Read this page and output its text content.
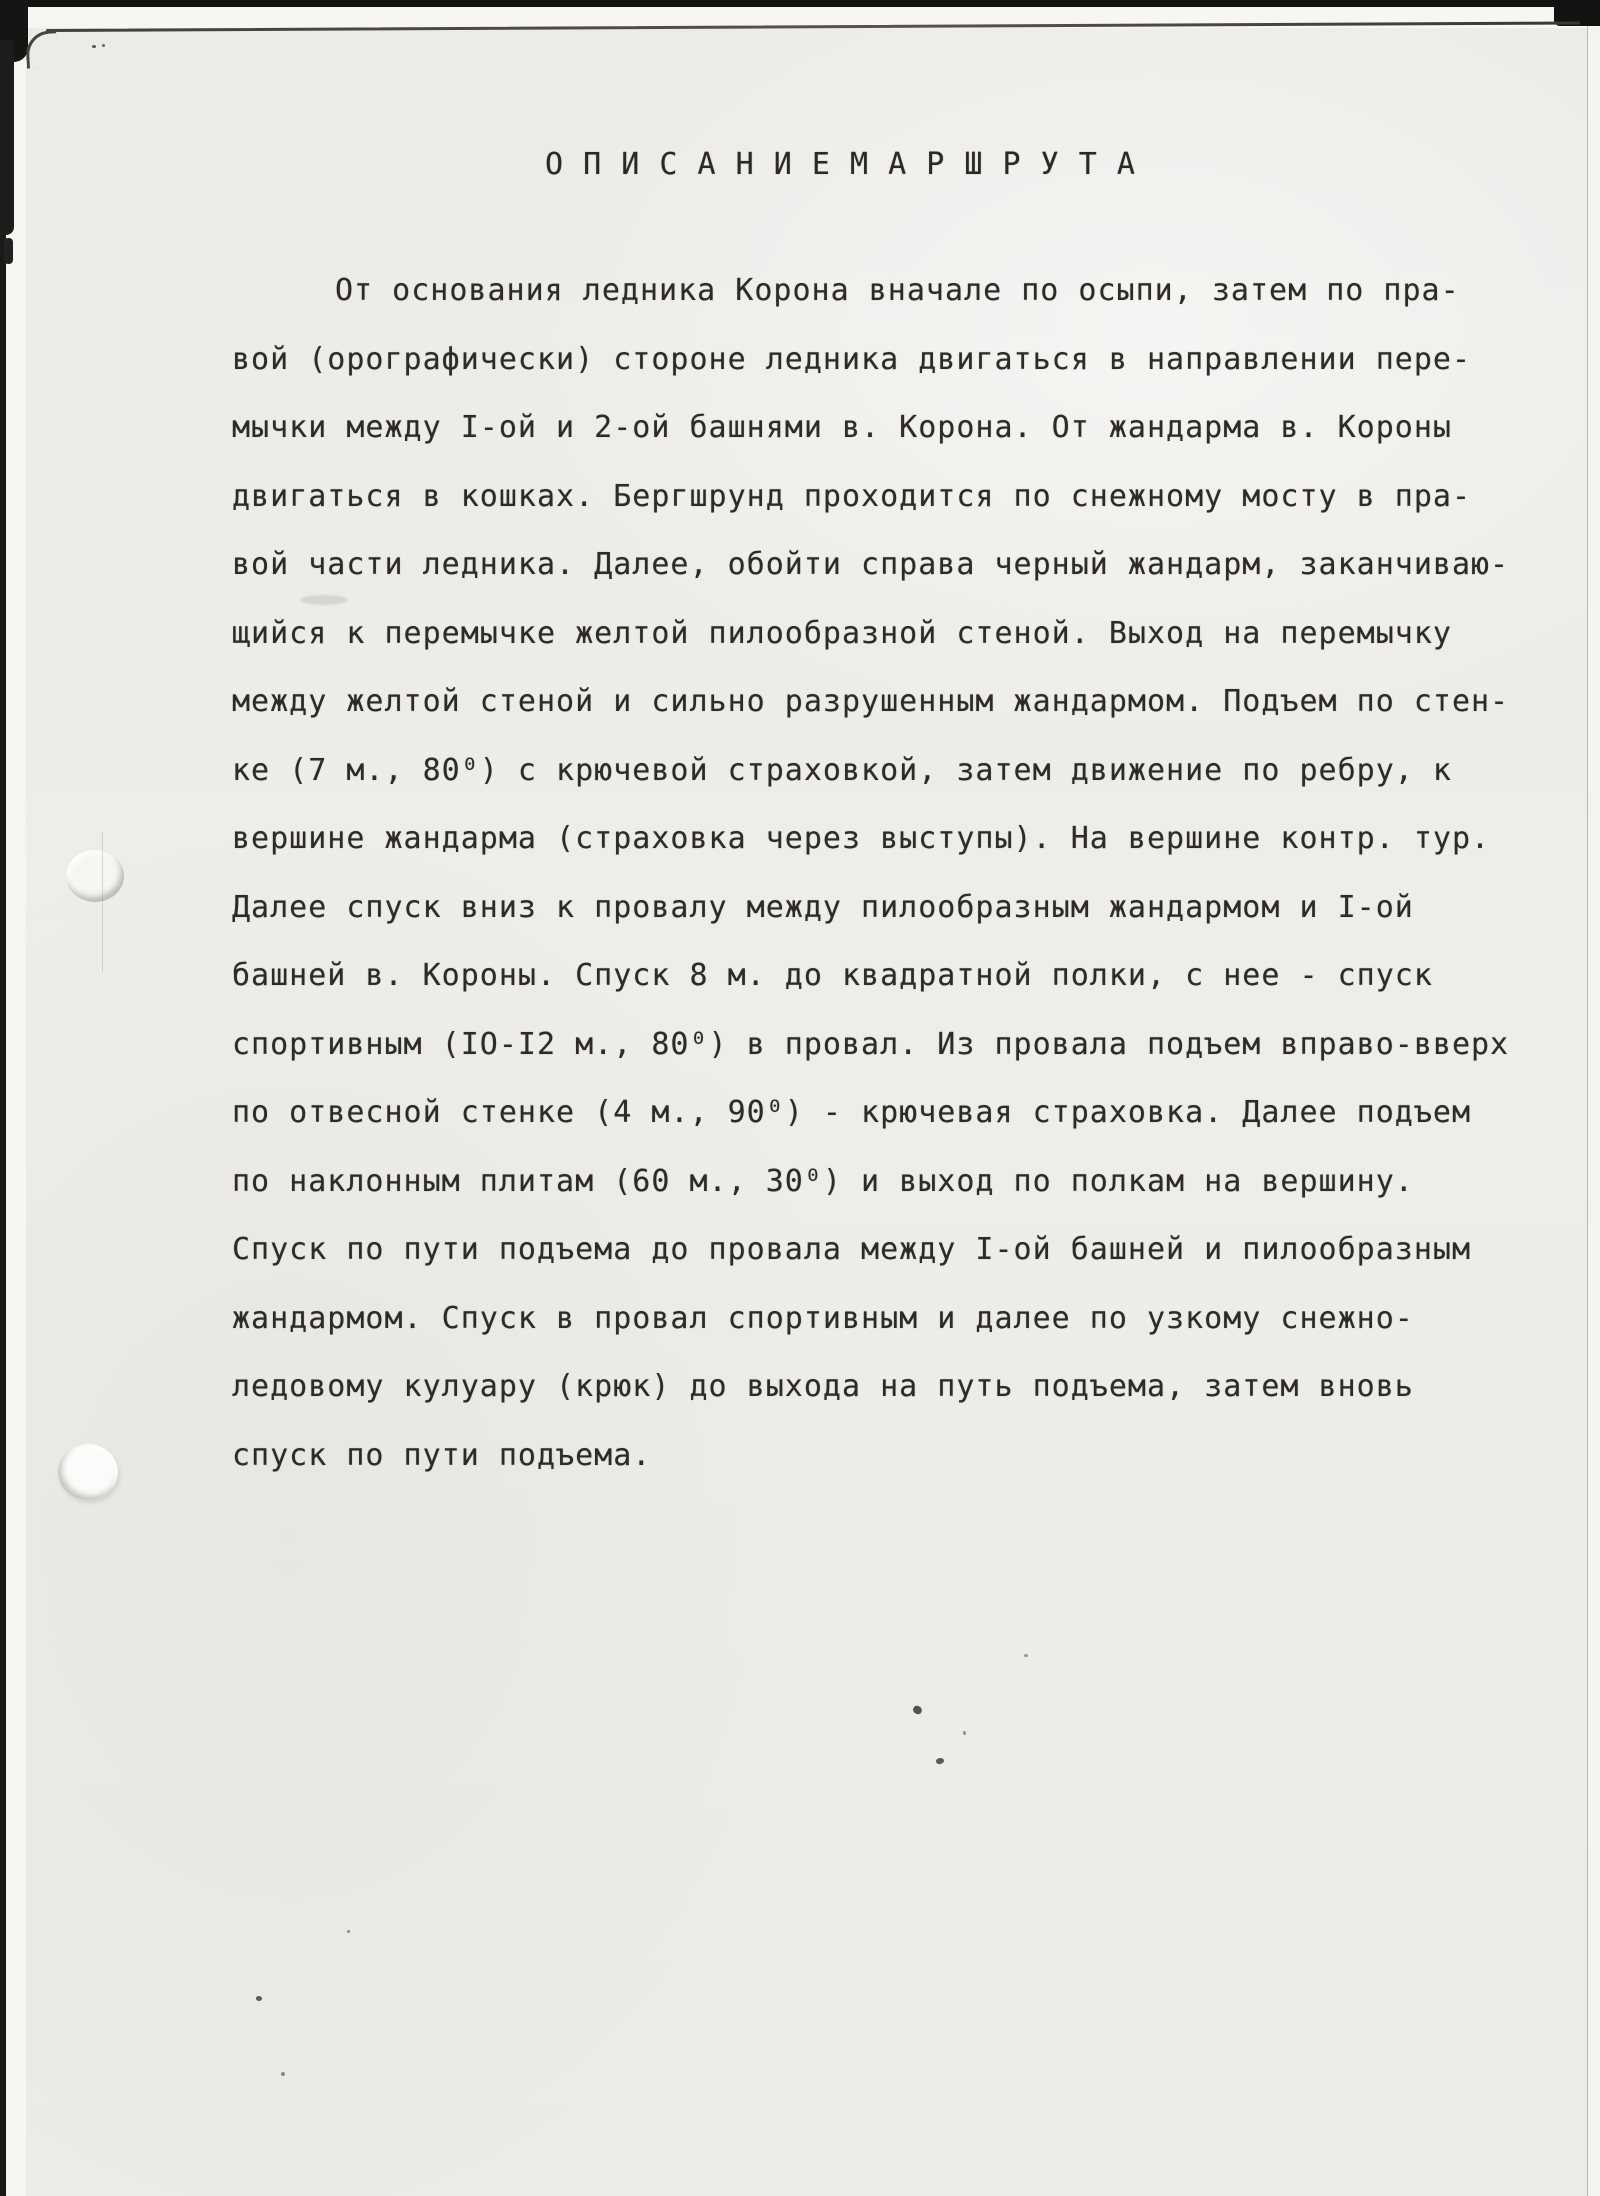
О П И С А Н И Е М А Р Ш Р У Т А
От основания ледника Корона вначале по осыпи, затем по пра-
вой (орографически) стороне ледника двигаться в направлении пере-
мычки между I-ой и 2-ой башнями в. Корона. От жандарма в. Короны
двигаться в кошках. Бергшрунд проходится по снежному мосту в пра-
вой части ледника. Далее, обойти справа черный жандарм, заканчиваю-
щийся к перемычке желтой пилообразной стеной. Выход на перемычку
между желтой стеной и сильно разрушенным жандармом. Подъем по стен-
ке (7 м., 80⁰) с крючевой страховкой, затем движение по ребру, к
вершине жандарма (страховка через выступы). На вершине контр. тур.
Далее спуск вниз к провалу между пилообразным жандармом и I-ой
башней в. Короны. Спуск 8 м. до квадратной полки, с нее - спуск
спортивным (IO-I2 м., 80⁰) в провал. Из провала подъем вправо-вверх
по отвесной стенке (4 м., 90⁰) - крючевая страховка. Далее подъем
по наклонным плитам (60 м., 30⁰) и выход по полкам на вершину.
Спуск по пути подъема до провала между I-ой башней и пилообразным
жандармом. Спуск в провал спортивным и далее по узкому снежно-
ледовому кулуару (крюк) до выхода на путь подъема, затем вновь
спуск по пути подъема.
